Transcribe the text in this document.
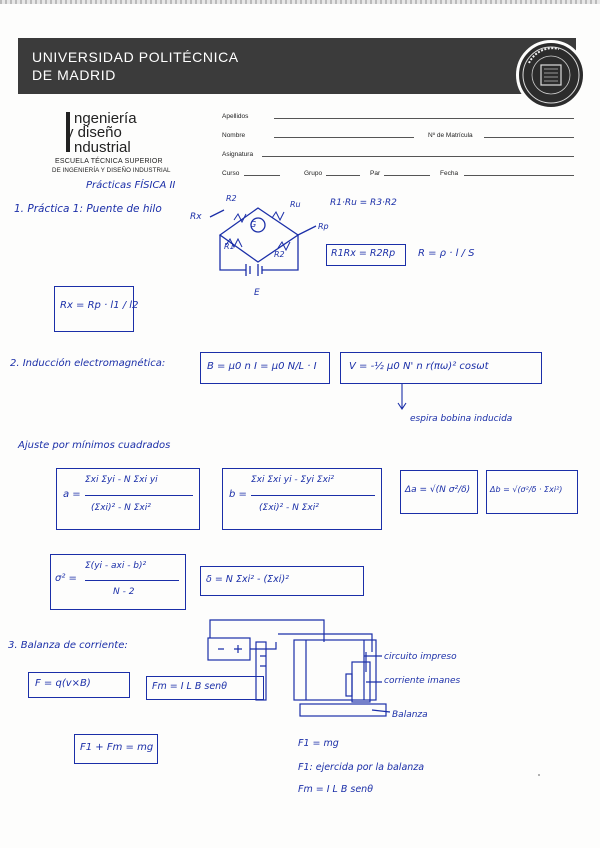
UNIVERSIDAD POLITÉCNICA
DE MADRID
ngeniería
y diseño
ndustrial
ESCUELA TÉCNICA SUPERIOR
DE INGENIERÍA Y DISEÑO INDUSTRIAL
Apellidos
Nombre	Nº de Matrícula
Asignatura
Curso	Grupo	Par	Fecha
Prácticas FÍSICA II
1. Práctica 1: Puente de hilo
Rx
R2
G
Ru
Rp
R1
R2
E
R1·Ru = R3·R2
R1Rx = R2Rp R = ρ · l / S
Rx = Rp · l1 / l2
2. Inducción electromagnética:	B = μ0 n I = μ0 N/L · I	V = -½ μ0 N' n r(πω)² cosωt
espira bobina inducida
Ajuste por mínimos cuadrados
a =
Σxi Σyi - N Σxi yi
(Σxi)² - N Σxi²
b =
Σxi Σxi yi - Σyi Σxi²
(Σxi)² - N Σxi²
Δa = √(N σ²/δ) Δb = √(σ²/δ · Σxi²)
σ² =
Σ(yi - axi - b)²
N - 2
δ = N Σxi² - (Σxi)²
3. Balanza de corriente:
circuito impreso
corriente imanes
Balanza
F = q(v×B)	Fm = I L B senθ
F1 + Fm = mg	F1 = mg
F1: ejercida por la balanza
Fm = I L B senθ
